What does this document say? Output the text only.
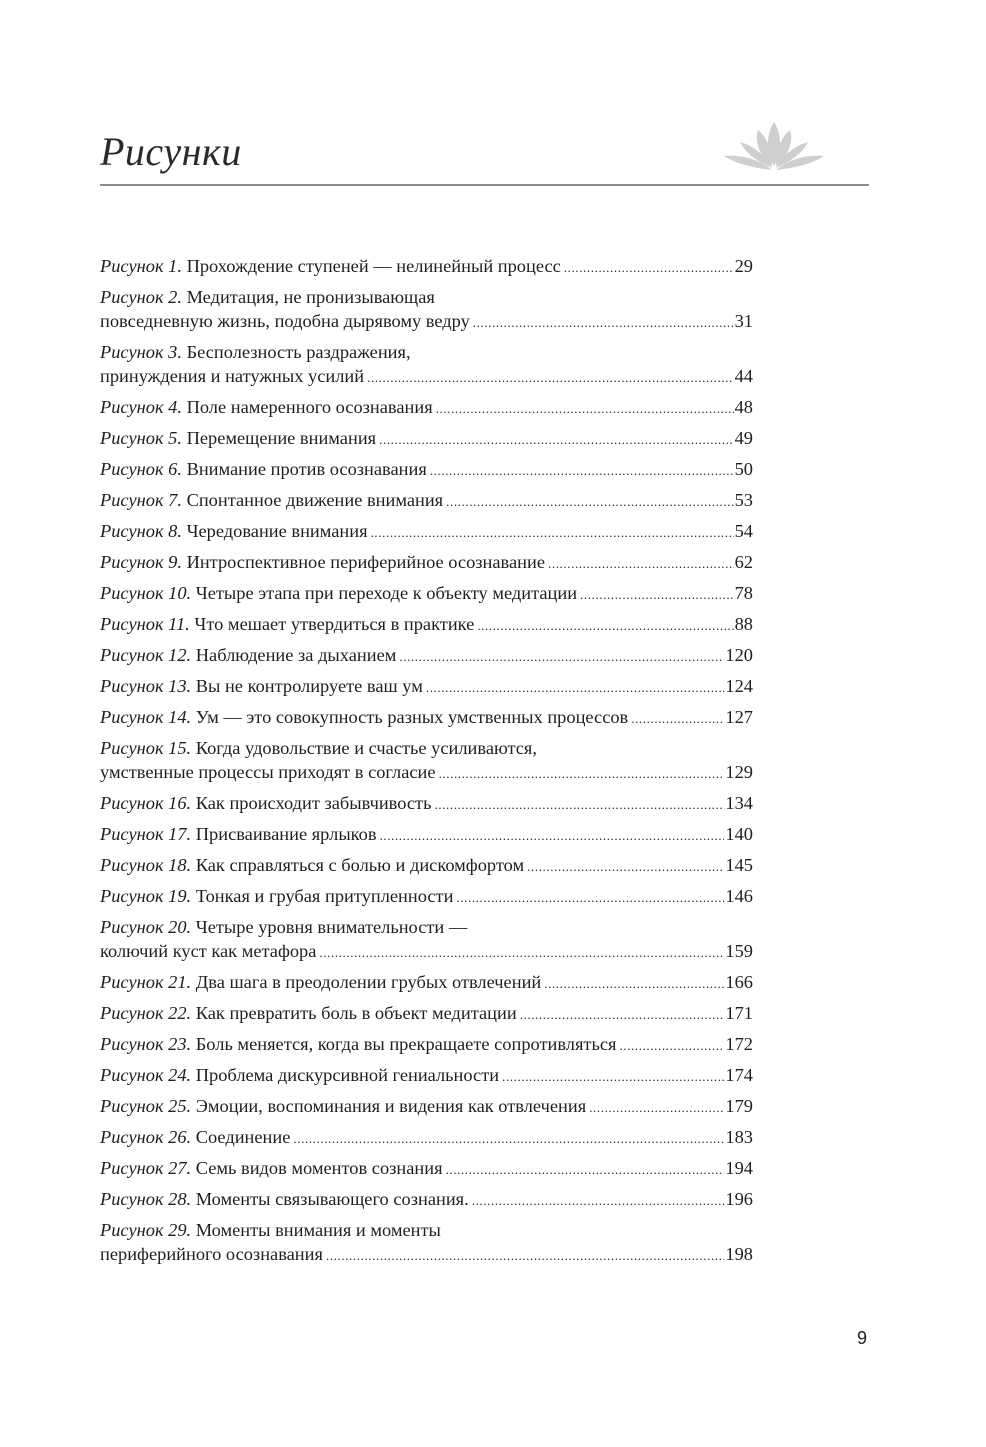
Рисунки
Рисунок 1.
Прохождение ступеней — нелинейный процесс .....	29
Рисунок 2.
Медитация, не пронизывающая
повседневную жизнь, подобна дырявому ведру .....	31
Рисунок 3.
Бесполезность раздражения,
принуждения и натужных усилий .....	44
Рисунок 4.
Поле намеренного осознавания .....	48
Рисунок 5.
Перемещение внимания .....	49
Рисунок 6.
Внимание против осознавания .....	50
Рисунок 7.
Спонтанное движение внимания .....	53
Рисунок 8.
Чередование внимания .....	54
Рисунок 9.
Интроспективное периферийное осознавание .....	62
Рисунок 10.
Четыре этапа при переходе к объекту медитации .....	78
Рисунок 11.
Что мешает утвердиться в практике .....	88
Рисунок 12.
Наблюдение за дыханием .....	120
Рисунок 13.
Вы не контролируете ваш ум .....	124
Рисунок 14.
Ум — это совокупность разных умственных процессов .....	127
Рисунок 15.
Когда удовольствие и счастье усиливаются,
умственные процессы приходят в согласие .....	129
Рисунок 16.
Как происходит забывчивость .....	134
Рисунок 17.
Присваивание ярлыков .....	140
Рисунок 18.
Как справляться с болью и дискомфортом .....	145
Рисунок 19.
Тонкая и грубая притупленности .....	146
Рисунок 20.
Четыре уровня внимательности —
колючий куст как метафора .....	159
Рисунок 21.
Два шага в преодолении грубых отвлечений .....	166
Рисунок 22.
Как превратить боль в объект медитации .....	171
Рисунок 23.
Боль меняется, когда вы прекращаете сопротивляться .....	172
Рисунок 24.
Проблема дискурсивной гениальности .....	174
Рисунок 25.
Эмоции, воспоминания и видения как отвлечения .....	179
Рисунок 26.
Соединение .....	183
Рисунок 27.
Семь видов моментов сознания .....	194
Рисунок 28.
Моменты связывающего сознания. .....	196
Рисунок 29.
Моменты внимания и моменты
периферийного осознавания .....	198
9
